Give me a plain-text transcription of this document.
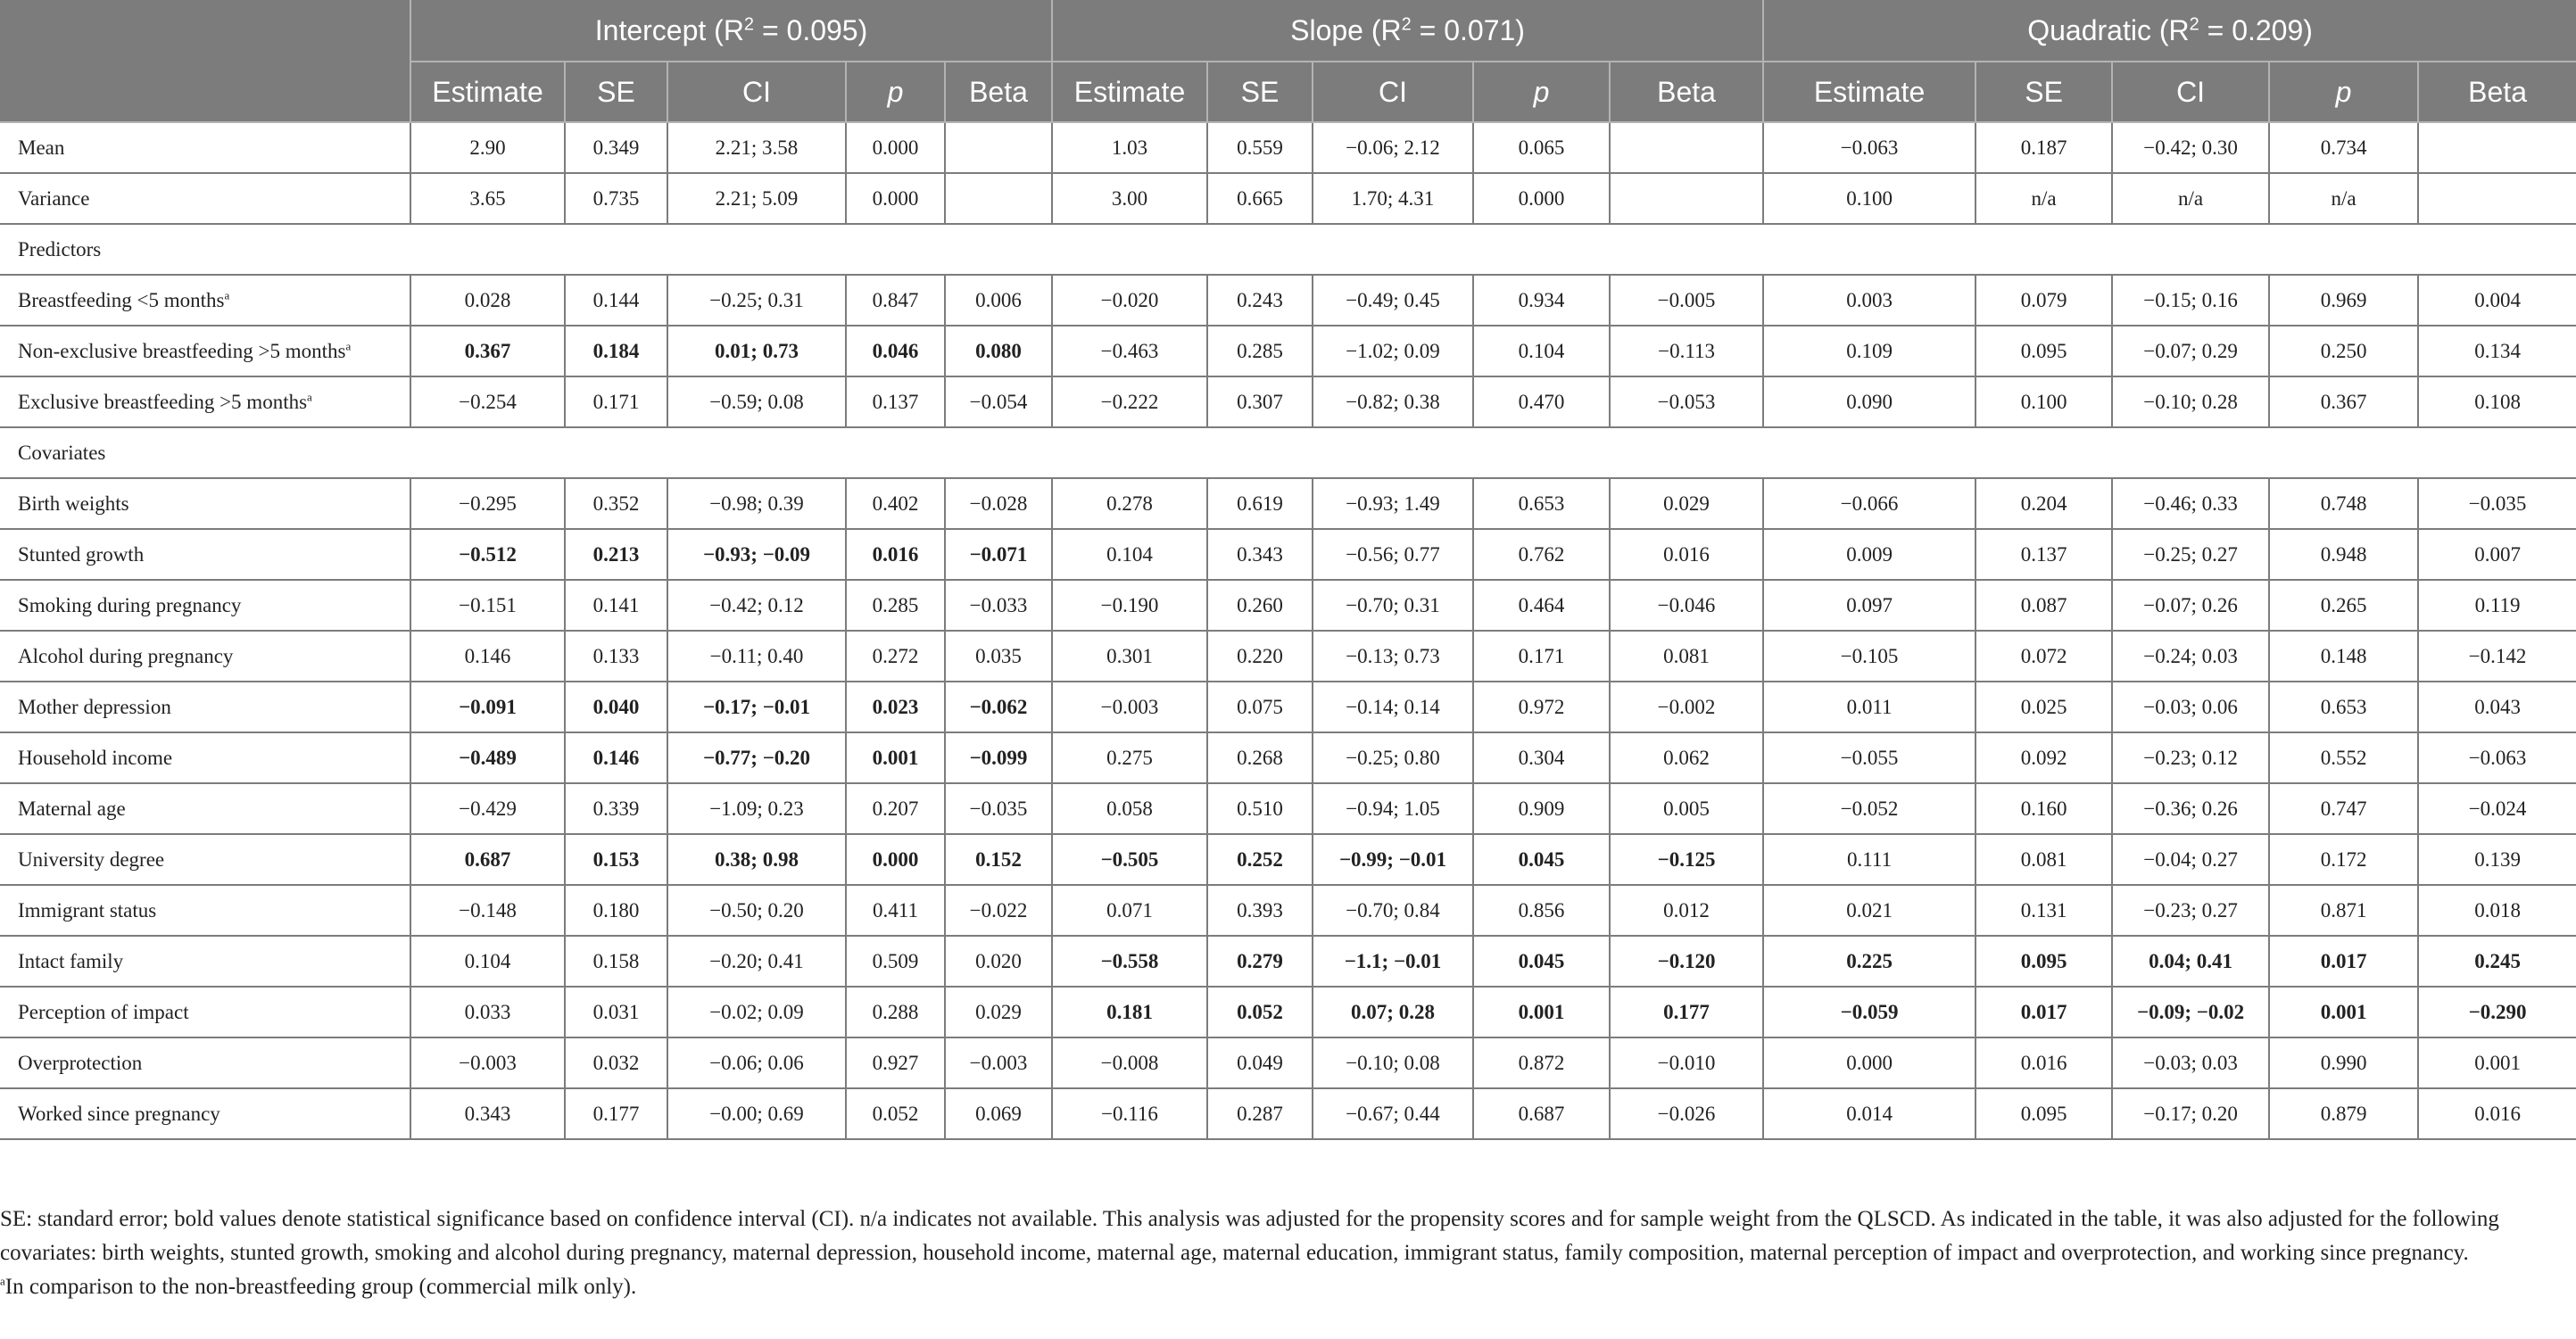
	Intercept $(R^2 = 0.095)$					Slope $(R^2 = 0.071)$					Quadratic $(R^2 = 0.209)$				
	Estimate	SE	CI	p	Beta	Estimate	SE	CI	p	Beta	Estimate	SE	CI	p	Beta
Mean	2.90	0.349	2.21; 3.58	0.000		1.03	0.559	−0.06; 2.12	0.065		−0.063	0.187	−0.42; 0.30	0.734	
Variance	3.65	0.735	2.21; 5.09	0.000		3.00	0.665	1.70; 4.31	0.000		0.100	n/a	n/a	n/a	
Predictors															
Breastfeeding <5 months$^a$	0.028	0.144	−0.25; 0.31	0.847	0.006	−0.020	0.243	−0.49; 0.45	0.934	−0.005	0.003	0.079	−0.15; 0.16	0.969	0.004
Non-exclusive breastfeeding >5 months$^a$	0.367	0.184	0.01; 0.73	0.046	0.080	−0.463	0.285	−1.02; 0.09	0.104	−0.113	0.109	0.095	−0.07; 0.29	0.250	0.134
Exclusive breastfeeding >5 months$^a$	−0.254	0.171	−0.59; 0.08	0.137	−0.054	−0.222	0.307	−0.82; 0.38	0.470	−0.053	0.090	0.100	−0.10; 0.28	0.367	0.108
Covariates															
Birth weights	−0.295	0.352	−0.98; 0.39	0.402	−0.028	0.278	0.619	−0.93; 1.49	0.653	0.029	−0.066	0.204	−0.46; 0.33	0.748	−0.035
Stunted growth	−0.512	0.213	−0.93; −0.09	0.016	−0.071	0.104	0.343	−0.56; 0.77	0.762	0.016	0.009	0.137	−0.25; 0.27	0.948	0.007
Smoking during pregnancy	−0.151	0.141	−0.42; 0.12	0.285	−0.033	−0.190	0.260	−0.70; 0.31	0.464	−0.046	0.097	0.087	−0.07; 0.26	0.265	0.119
Alcohol during pregnancy	0.146	0.133	−0.11; 0.40	0.272	0.035	0.301	0.220	−0.13; 0.73	0.171	0.081	−0.105	0.072	−0.24; 0.03	0.148	−0.142
Mother depression	−0.091	0.040	−0.17; −0.01	0.023	−0.062	−0.003	0.075	−0.14; 0.14	0.972	−0.002	0.011	0.025	−0.03; 0.06	0.653	0.043
Household income	−0.489	0.146	−0.77; −0.20	0.001	−0.099	0.275	0.268	−0.25; 0.80	0.304	0.062	−0.055	0.092	−0.23; 0.12	0.552	−0.063
Maternal age	−0.429	0.339	−1.09; 0.23	0.207	−0.035	0.058	0.510	−0.94; 1.05	0.909	0.005	−0.052	0.160	−0.36; 0.26	0.747	−0.024
University degree	0.687	0.153	0.38; 0.98	0.000	0.152	−0.505	0.252	−0.99; −0.01	0.045	−0.125	0.111	0.081	−0.04; 0.27	0.172	0.139
Immigrant status	−0.148	0.180	−0.50; 0.20	0.411	−0.022	0.071	0.393	−0.70; 0.84	0.856	0.012	0.021	0.131	−0.23; 0.27	0.871	0.018
Intact family	0.104	0.158	−0.20; 0.41	0.509	0.020	−0.558	0.279	−1.1; −0.01	0.045	−0.120	0.225	0.095	0.04; 0.41	0.017	0.245
Perception of impact	0.033	0.031	−0.02; 0.09	0.288	0.029	0.181	0.052	0.07; 0.28	0.001	0.177	−0.059	0.017	−0.09; −0.02	0.001	−0.290
Overprotection	−0.003	0.032	−0.06; 0.06	0.927	−0.003	−0.008	0.049	−0.10; 0.08	0.872	−0.010	0.000	0.016	−0.03; 0.03	0.990	0.001
Worked since pregnancy	0.343	0.177	−0.00; 0.69	0.052	0.069	−0.116	0.287	−0.67; 0.44	0.687	−0.026	0.014	0.095	−0.17; 0.20	0.879	0.016

SE: standard error; bold values denote statistical significance based on confidence interval (CI). n/a indicates not available. This analysis was adjusted for the propensity scores and for sample weight from the QLSCD. As indicated in the table, it was also adjusted for the following covariates: birth weights, stunted growth, smoking and alcohol during pregnancy, maternal depression, household income, maternal age, maternal education, immigrant status, family composition, maternal perception of impact and overprotection, and working since pregnancy.

$^a$In comparison to the non-breastfeeding group (commercial milk only).
